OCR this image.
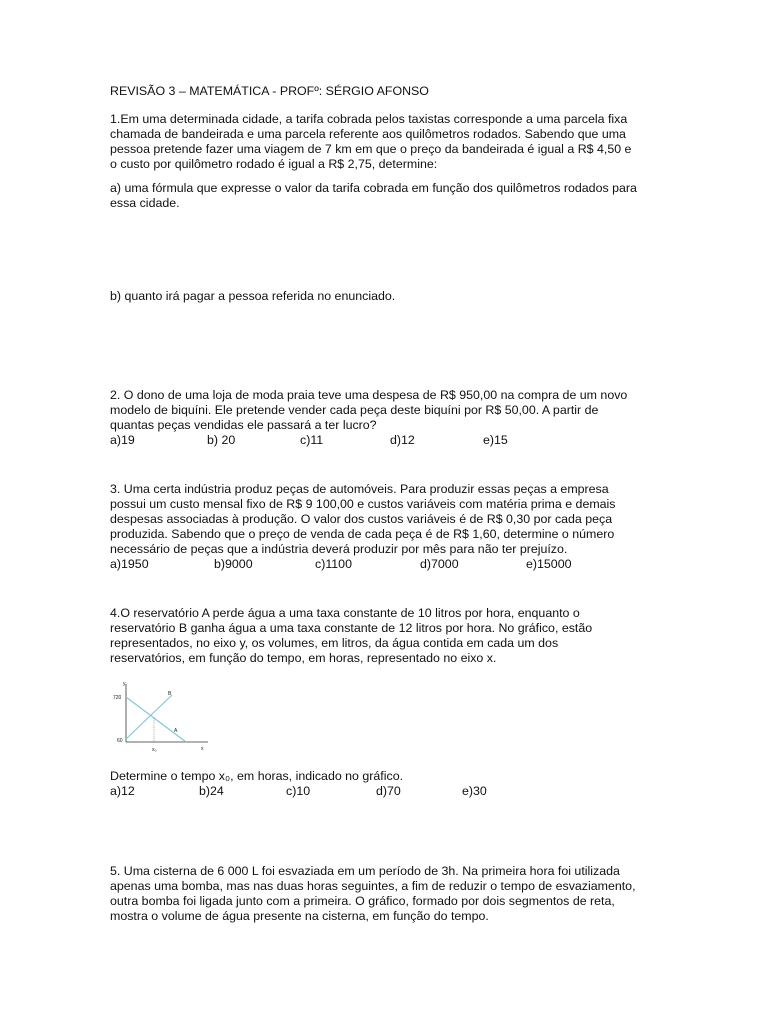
REVISÃO 3 – MATEMÁTICA - PROFº: SÉRGIO AFONSO

1.Em uma determinada cidade, a tarifa cobrada pelos taxistas corresponde a uma parcela fixa
chamada de bandeirada e uma parcela referente aos quilômetros rodados. Sabendo que uma
pessoa pretende fazer uma viagem de 7 km em que o preço da bandeirada é igual a R$ 4,50 e
o custo por quilômetro rodado é igual a R$ 2,75, determine:

a) uma fórmula que expresse o valor da tarifa cobrada em função dos quilômetros rodados para
essa cidade.

b) quanto irá pagar a pessoa referida no enunciado.

2. O dono de uma loja de moda praia teve uma despesa de R$ 950,00 na compra de um novo
modelo de biquíni. Ele pretende vender cada peça deste biquíni por R$ 50,00. A partir de
quantas peças vendidas ele passará a ter lucro?

a)19	b) 20	c)11	d)12	e)15

3. Uma certa indústria produz peças de automóveis. Para produzir essas peças a empresa
possui um custo mensal fixo de R$ 9 100,00 e custos variáveis com matéria prima e demais
despesas associadas à produção. O valor dos custos variáveis é de R$ 0,30 por cada peça
produzida. Sabendo que o preço de venda de cada peça é de R$ 1,60, determine o número
necessário de peças que a indústria deverá produzir por mês para não ter prejuízo.

a)1950	b)9000	c)1100	d)7000	e)15000

4.O reservatório A perde água a uma taxa constante de 10 litros por hora, enquanto o
reservatório B ganha água a uma taxa constante de 12 litros por hora. No gráfico, estão
representados, no eixo y, os volumes, em litros, da água contida em cada um dos
reservatórios, em função do tempo, em horas, representado no eixo x.

y
x
720
60
x₀
B
A

Determine o tempo x₀, em horas, indicado no gráfico.

a)12	b)24	c)10	d)70	e)30

5. Uma cisterna de 6 000 L foi esvaziada em um período de 3h. Na primeira hora foi utilizada
apenas uma bomba, mas nas duas horas seguintes, a fim de reduzir o tempo de esvaziamento,
outra bomba foi ligada junto com a primeira. O gráfico, formado por dois segmentos de reta,
mostra o volume de água presente na cisterna, em função do tempo.
